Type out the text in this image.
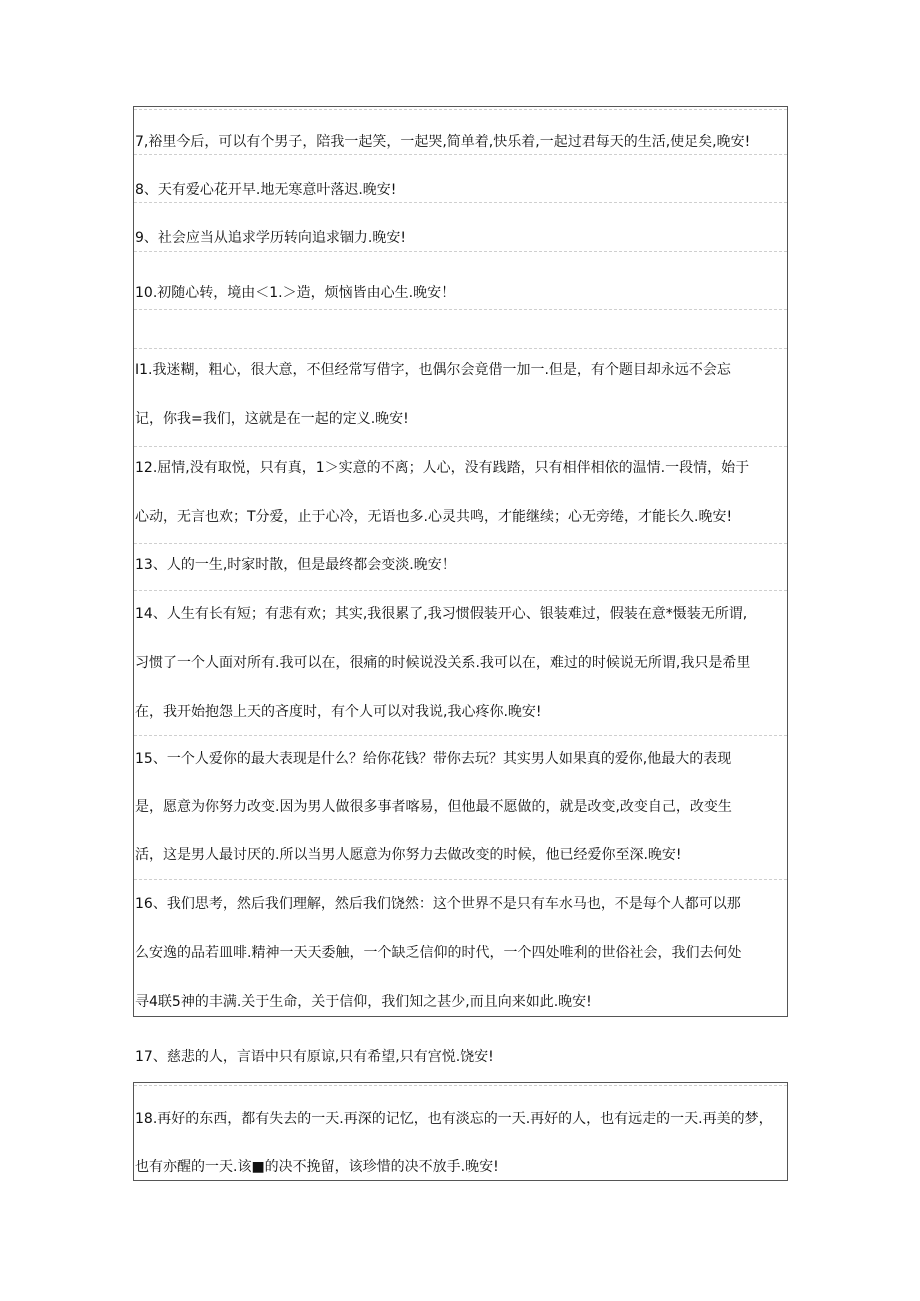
7,裕里今后，可以有个男子，陪我一起笑，一起哭,简单着,快乐着,一起过君每天的生活,使足矣,晚安!
8、天有爱心花开早.地无寒意叶落迟.晚安!
9、社会应当从追求学历转向追求锢力.晚安!
10.初随心转，境由＜1.＞造，烦恼皆由心生.晚安！
I1.我迷糊，粗心，很大意，不但经常写借字，也偶尔会竟借一加一.但是，有个题目却永远不会忘
记，你我=我们，这就是在一起的定义.晚安!
12.屈情,没有取悦，只有真，1＞实意的不离；人心，没有践踏，只有相伴相依的温情.一段情，始于
心动，无言也欢；T分爱，止于心冷，无语也多.心灵共鸣，才能继续；心无旁绻，才能长久.晚安!
13、人的一生,时家时散，但是最终都会变淡.晚安！
14、人生有长有短；有悲有欢；其实,我很累了,我习惯假装开心、银装难过，假装在意*慑装无所谓,
习惯了一个人面对所有.我可以在，很痛的时候说没关系.我可以在，难过的时候说无所谓,我只是希里
在，我开始抱怨上天的吝度时，有个人可以对我说,我心疼你.晚安!
15、一个人爱你的最大表现是什么？给你花钱？带你去玩？其实男人如果真的爱你,他最大的表现
是，愿意为你努力改变.因为男人做很多事者喀易，但他最不愿做的，就是改变,改变自己，改变生
活，这是男人最讨厌的.所以当男人愿意为你努力去做改变的时候，他已经爱你至深.晚安!
16、我们思考，然后我们理解，然后我们饶然：这个世界不是只有车水马也，不是每个人都可以那
么安逸的品若皿啡.精神一天天委触，一个缺乏信仰的时代，一个四处唯利的世俗社会，我们去何处
寻4联5神的丰满.关于生命，关于信仰，我们知之甚少,而且向来如此.晚安!
17、慈悲的人，言语中只有原谅,只有希望,只有宫悦.饶安!
18.再好的东西，都有失去的一天.再深的记忆，也有淡忘的一天.再好的人，也有远走的一天.再美的梦，
也有亦醒的一天.该■的决不挽留，该珍惜的决不放手.晚安!
